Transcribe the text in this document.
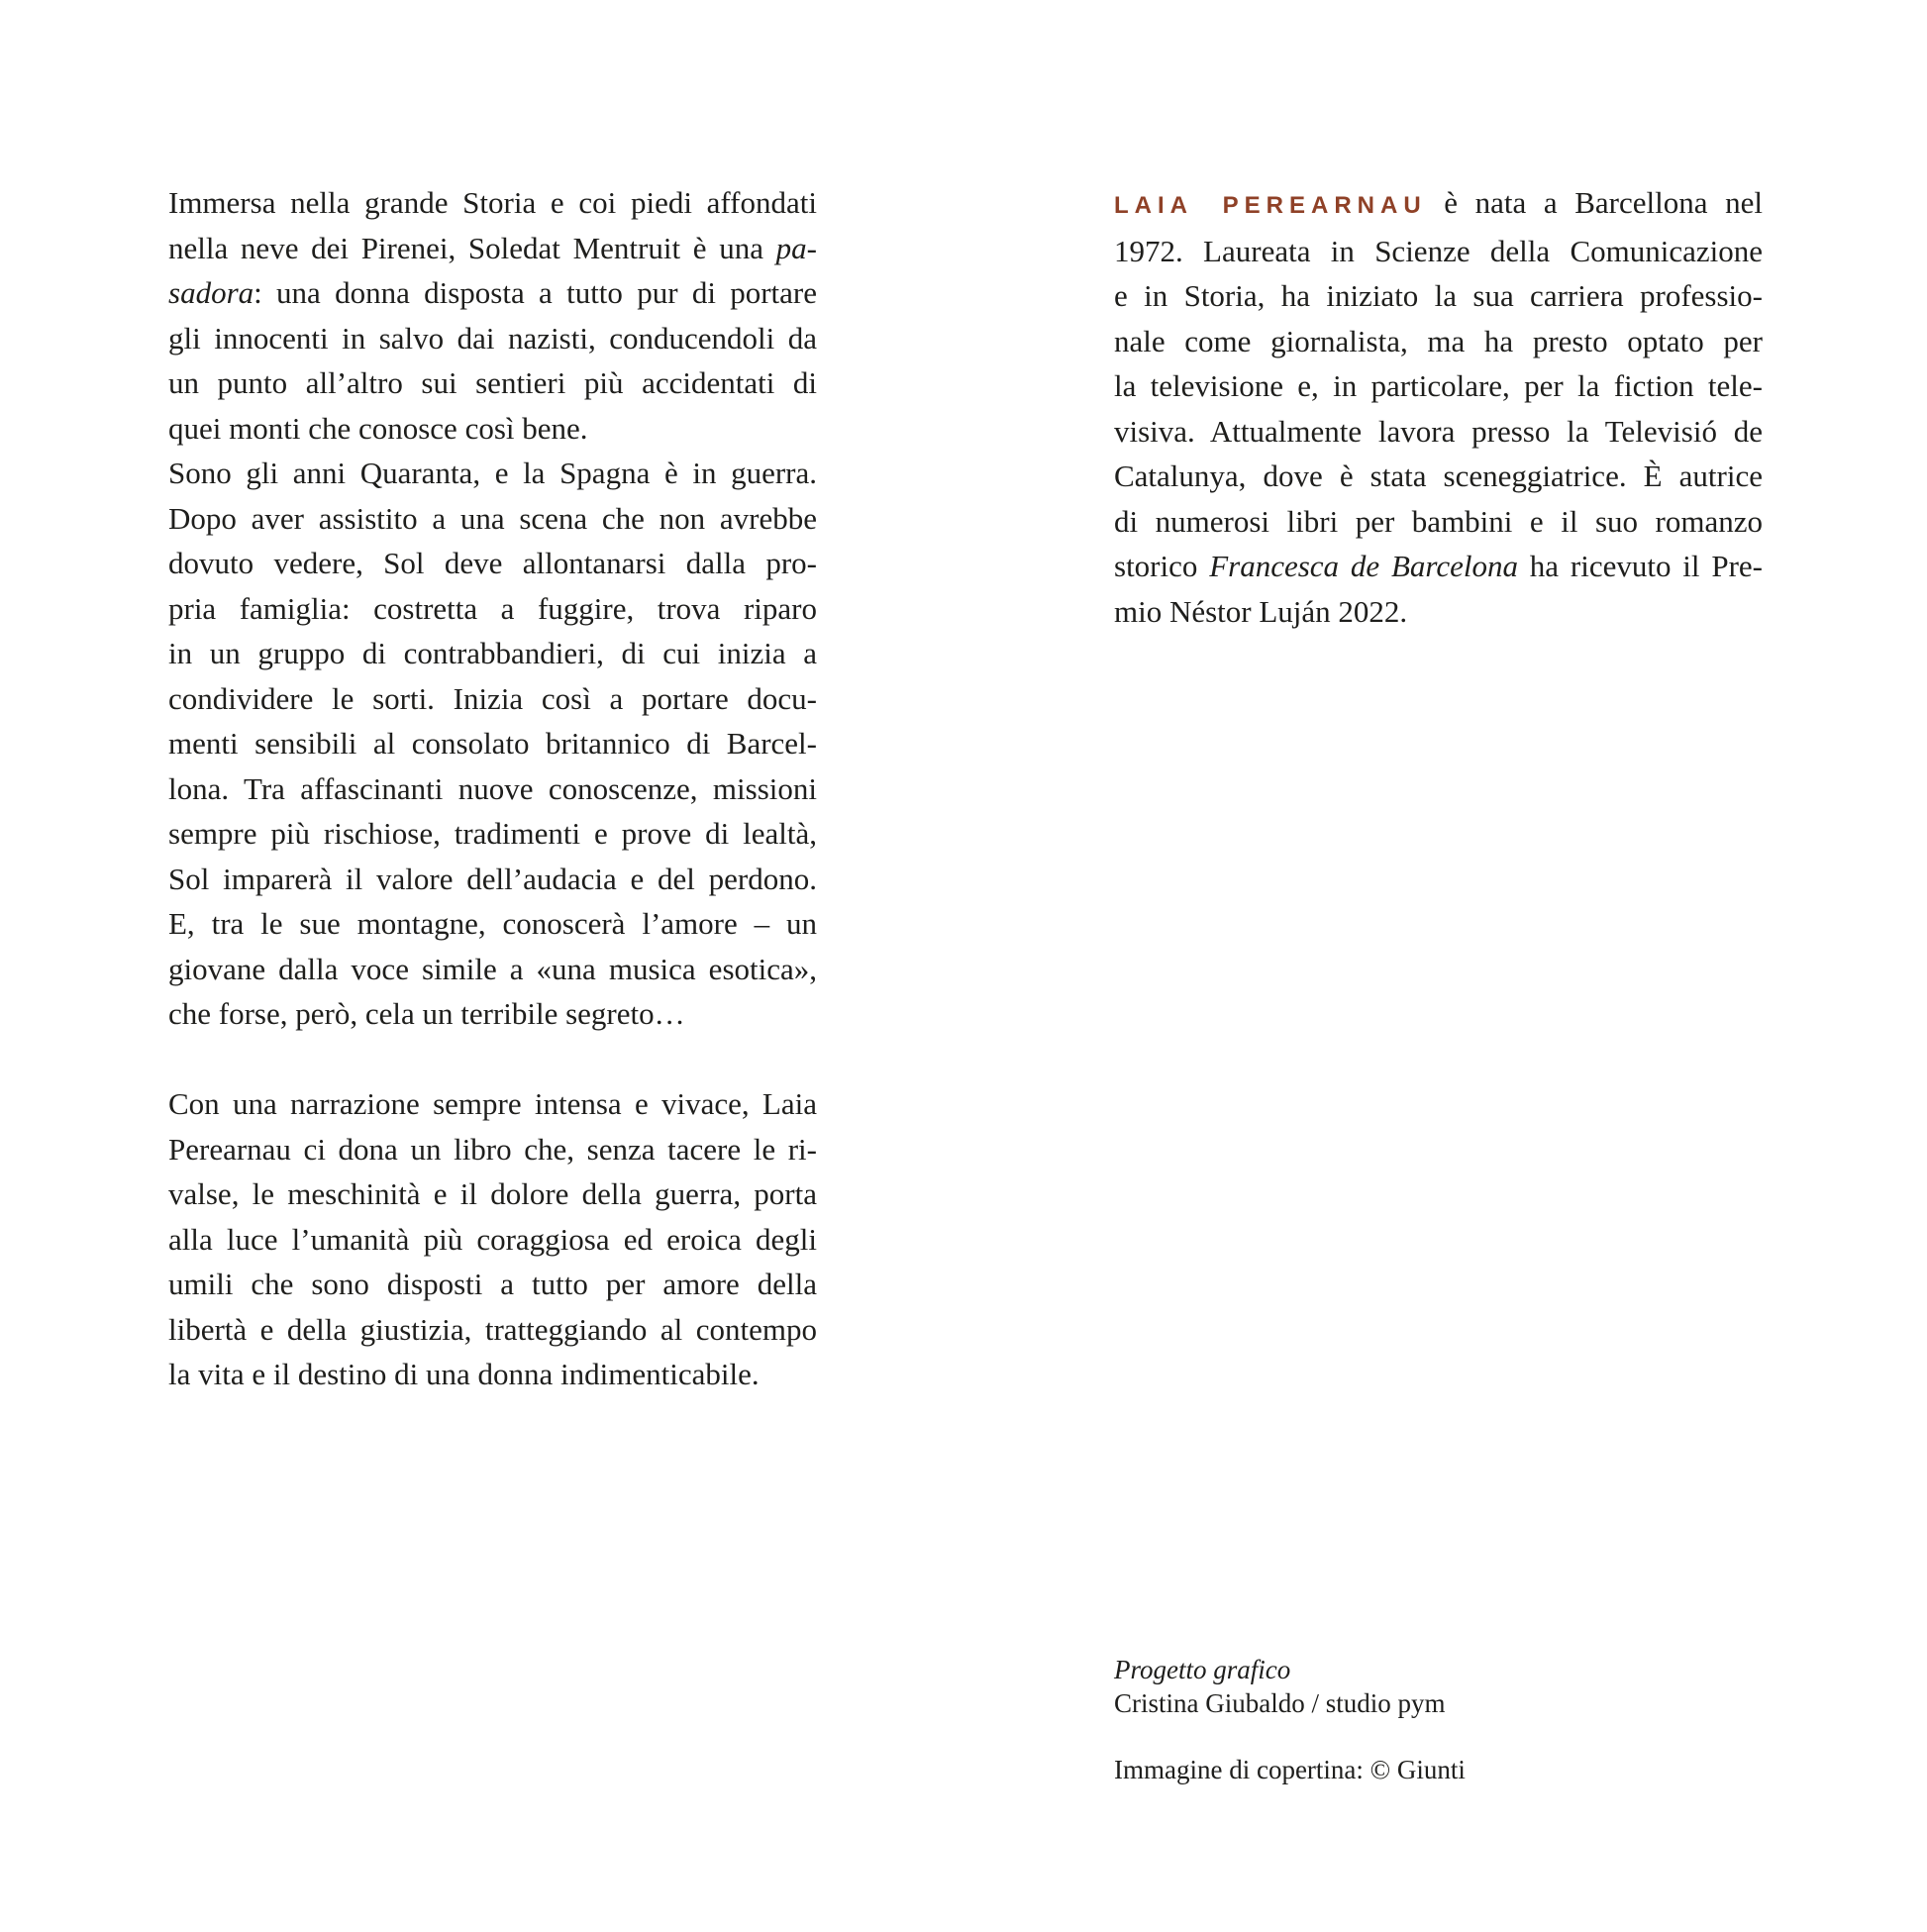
Immersa nella grande Storia e coi piedi affondati
nella neve dei Pirenei, Soledat Mentruit è una pa-
sadora: una donna disposta a tutto pur di portare
gli innocenti in salvo dai nazisti, conducendoli da
un punto all’altro sui sentieri più accidentati di
quei monti che conosce così bene.
Sono gli anni Quaranta, e la Spagna è in guerra.
Dopo aver assistito a una scena che non avrebbe
dovuto vedere, Sol deve allontanarsi dalla pro-
pria famiglia: costretta a fuggire, trova riparo
in un gruppo di contrabbandieri, di cui inizia a
condividere le sorti. Inizia così a portare docu-
menti sensibili al consolato britannico di Barcel-
lona. Tra affascinanti nuove conoscenze, missioni
sempre più rischiose, tradimenti e prove di lealtà,
Sol imparerà il valore dell’audacia e del perdono.
E, tra le sue montagne, conoscerà l’amore – un
giovane dalla voce simile a «una musica esotica»,
che forse, però, cela un terribile segreto…
Con una narrazione sempre intensa e vivace, Laia
Perearnau ci dona un libro che, senza tacere le ri-
valse, le meschinità e il dolore della guerra, porta
alla luce l’umanità più coraggiosa ed eroica degli
umili che sono disposti a tutto per amore della
libertà e della giustizia, tratteggiando al contempo
la vita e il destino di una donna indimenticabile.
LAIA PEREARNAU è nata a Barcellona nel
1972. Laureata in Scienze della Comunicazione
e in Storia, ha iniziato la sua carriera professio-
nale come giornalista, ma ha presto optato per
la televisione e, in particolare, per la fiction tele-
visiva. Attualmente lavora presso la Televisió de
Catalunya, dove è stata sceneggiatrice. È autrice
di numerosi libri per bambini e il suo romanzo
storico Francesca de Barcelona ha ricevuto il Pre-
mio Néstor Luján 2022.
Progetto grafico
Cristina Giubaldo / studio pym
Immagine di copertina: © Giunti
